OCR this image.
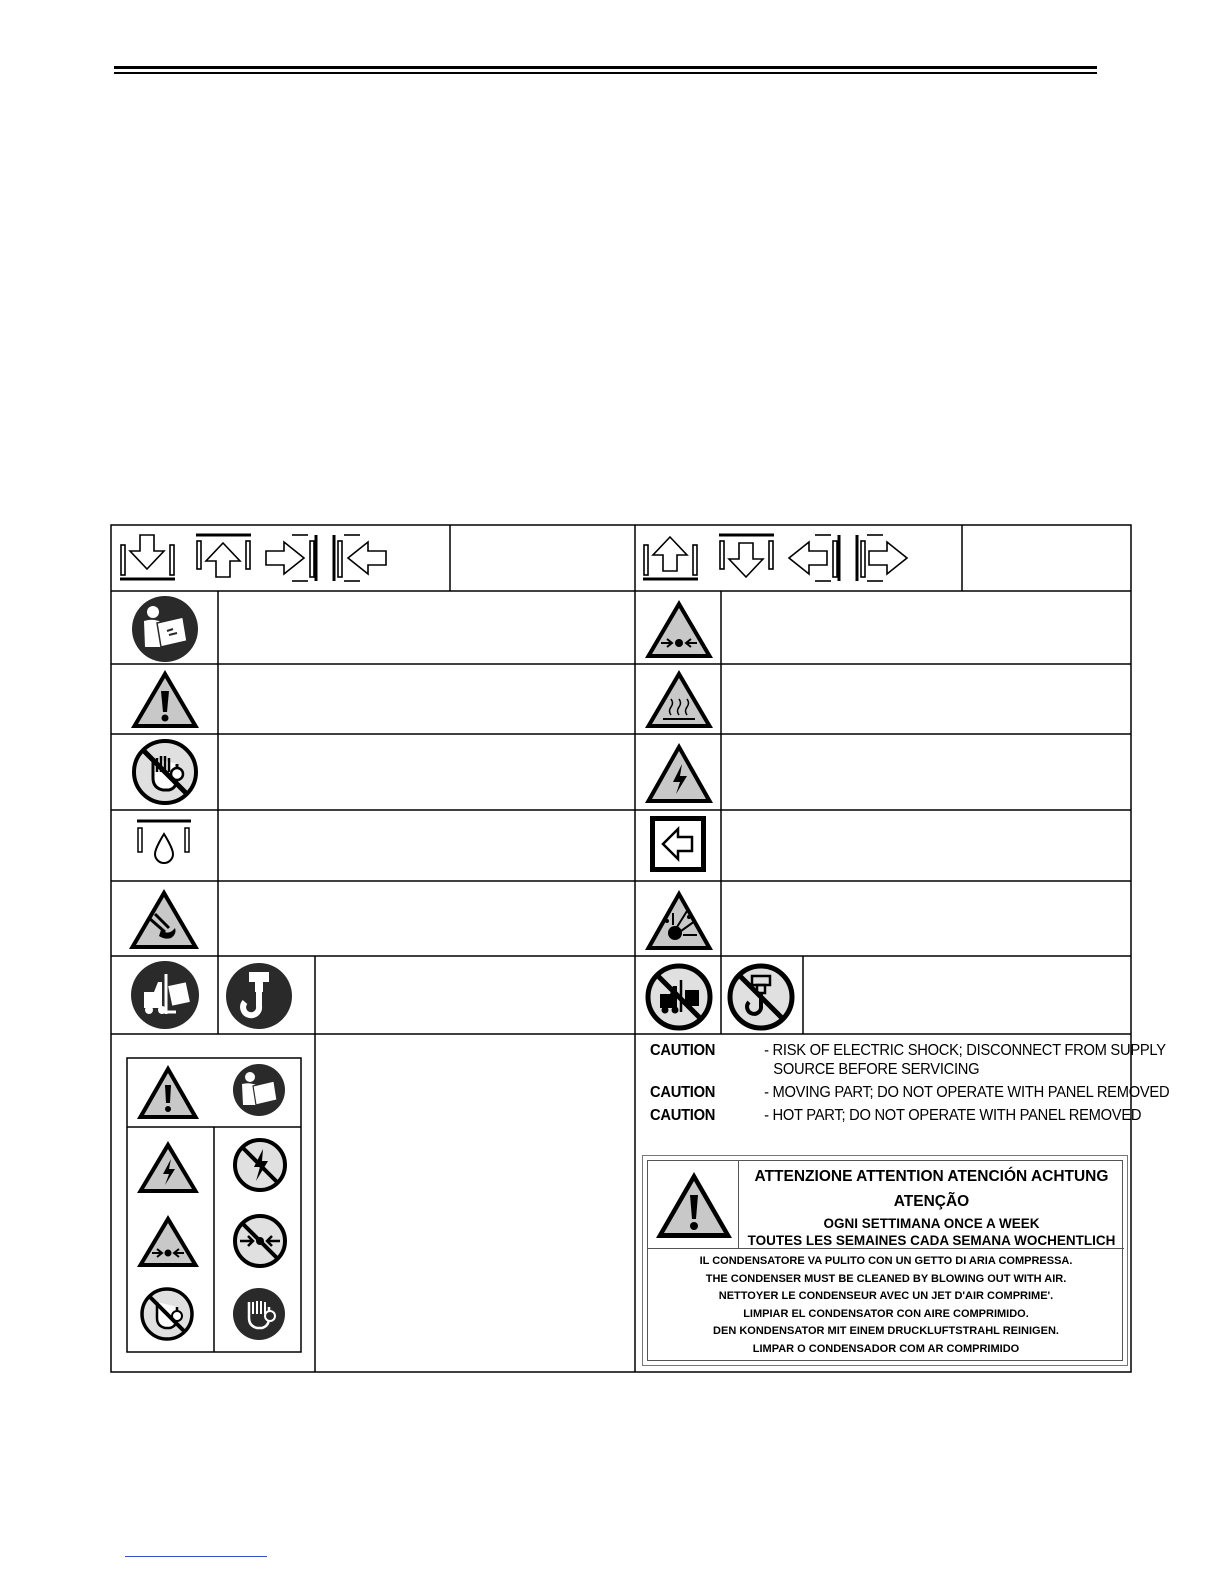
CAUTION	- RISK OF ELECTRIC SHOCK; DISCONNECT FROM SUPPLY
SOURCE BEFORE SERVICING
CAUTION	- MOVING PART; DO NOT OPERATE WITH PANEL REMOVED
CAUTION	- HOT PART; DO NOT OPERATE WITH PANEL REMOVED
ATTENZIONE ATTENTION ATENCIÓN ACHTUNG
ATENÇÃO
OGNI SETTIMANA ONCE A WEEK
TOUTES LES SEMAINES CADA SEMANA WOCHENTLICH
IL CONDENSATORE VA PULITO CON UN GETTO DI ARIA COMPRESSA.
THE CONDENSER MUST BE CLEANED BY BLOWING OUT WITH AIR.
NETTOYER LE CONDENSEUR AVEC UN JET D'AIR COMPRIME'.
LIMPIAR EL CONDENSATOR CON AIRE COMPRIMIDO.
DEN KONDENSATOR MIT EINEM DRUCKLUFTSTRAHL REINIGEN.
LIMPAR O CONDENSADOR COM AR COMPRIMIDO
